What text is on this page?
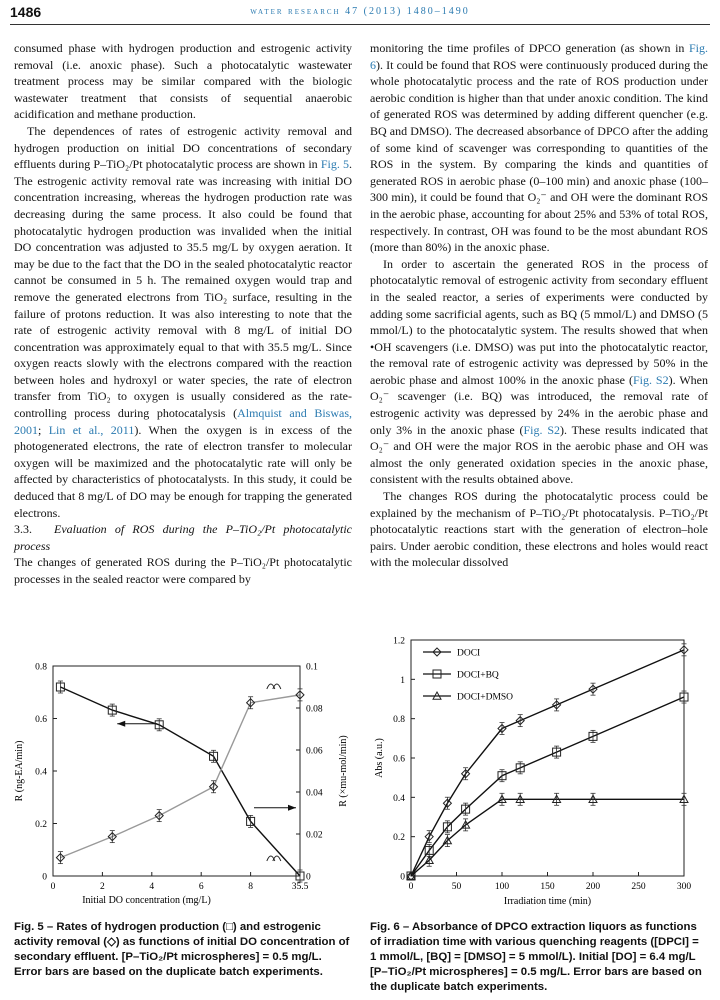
1486	water research 47 (2013) 1480–1490

consumed phase with hydrogen production and estrogenic activity removal (i.e. anoxic phase). Such a photocatalytic wastewater treatment process may be similar compared with the biologic wastewater treatment that consists of sequential anaerobic acidification and methane production.

The dependences of rates of estrogenic activity removal and hydrogen production on initial DO concentrations of secondary effluents during P–TiO₂/Pt photocatalytic process are shown in Fig. 5. The estrogenic activity removal rate was increasing with initial DO concentration increasing, whereas the hydrogen production rate was decreasing during the same process. It also could be found that photocatalytic hydrogen production was invalided when the initial DO concentration was adjusted to 35.5 mg/L by oxygen aeration. It may be due to the fact that the DO in the sealed photocatalytic reactor cannot be consumed in 5 h. The remained oxygen would trap and remove the generated electrons from TiO₂ surface, resulting in the failure of protons reduction. It was also interesting to note that the rate of estrogenic activity removal with 8 mg/L of initial DO concentration was approximately equal to that with 35.5 mg/L. Since oxygen reacts slowly with the electrons compared with the reaction between holes and hydroxyl or water species, the rate of electron transfer from TiO₂ to oxygen is usually considered as the rate-controlling process during photocatalysis (Almquist and Biswas, 2001; Lin et al., 2011). When the oxygen is in excess of the photogenerated electrons, the rate of electron transfer to molecular oxygen will be maximized and the photocatalytic rate will only be affected by characteristics of photocatalysts. In this study, it could be deduced that 8 mg/L of DO may be enough for trapping the generated electrons.

3.3. Evaluation of ROS during the P–TiO₂/Pt photocatalytic process

The changes of generated ROS during the P–TiO₂/Pt photocatalytic processes in the sealed reactor were compared by

monitoring the time profiles of DPCO generation (as shown in Fig. 6). It could be found that ROS were continuously produced during the whole photocatalytic process and the rate of ROS production under aerobic condition is higher than that under anoxic condition. The kind of generated ROS was determined by adding different quencher (e.g. BQ and DMSO). The decreased absorbance of DPCO after the adding of some kind of scavenger was corresponding to quantities of the ROS in the system. By comparing the kinds and quantities of generated ROS in aerobic phase (0–100 min) and anoxic phase (100–300 min), it could be found that O₂⁻ and OH were the dominant ROS in the aerobic phase, accounting for about 25% and 53% of total ROS, respectively. In contrast, OH was found to be the most abundant ROS (more than 80%) in the anoxic phase.

In order to ascertain the generated ROS in the process of photocatalytic removal of estrogenic activity from secondary effluent in the sealed reactor, a series of experiments were conducted by adding some sacrificial agents, such as BQ (5 mmol/L) and DMSO (5 mmol/L) to the photocatalytic system. The results showed that when •OH scavengers (i.e. DMSO) was put into the photocatalytic reactor, the removal rate of estrogenic activity was depressed by 50% in the aerobic phase and almost 100% in the anoxic phase (Fig. S2). When O₂⁻ scavenger (i.e. BQ) was introduced, the removal rate of estrogenic activity was depressed by 24% in the aerobic phase and only 3% in the anoxic phase (Fig. S2). These results indicated that O₂⁻ and OH were the major ROS in the aerobic phase and OH was almost the only generated oxidation species in the anoxic phase, consistent with the results obtained above.

The changes ROS during the photocatalytic process could be explained by the mechanism of P–TiO₂/Pt photocatalysis. P–TiO₂/Pt photocatalytic reactions start with the generation of electron–hole pairs. Under aerobic condition, these electrons and holes would react with the molecular dissolved

0
0.2
0.4
0.6
0.8
0
0.02
0.04
0.06
0.08
0.1
0	2	4	6	8	35.5
Initial DO concentration (mg/L)
R (ng-EA/min)	R (×mu-mol/min)
0
0.2
0.4
0.6
0.8
1
1.2
0	50	100	150	200	250	300
Irradiation time (min)
Abs (a.u.)
DOCI
DOCI+BQ
DOCI+DMSO
Fig. 5 – Rates of hydrogen production (□) and estrogenic activity removal (◇) as functions of initial DO concentration of secondary effluent. [P–TiO₂/Pt microspheres] = 0.5 mg/L. Error bars are based on the duplicate batch experiments.
Fig. 6 – Absorbance of DPCO extraction liquors as functions of irradiation time with various quenching reagents ([DPCI] = 1 mmol/L, [BQ] = [DMSO] = 5 mmol/L). Initial [DO] = 6.4 mg/L [P–TiO₂/Pt microspheres] = 0.5 mg/L. Error bars are based on the duplicate batch experiments.
